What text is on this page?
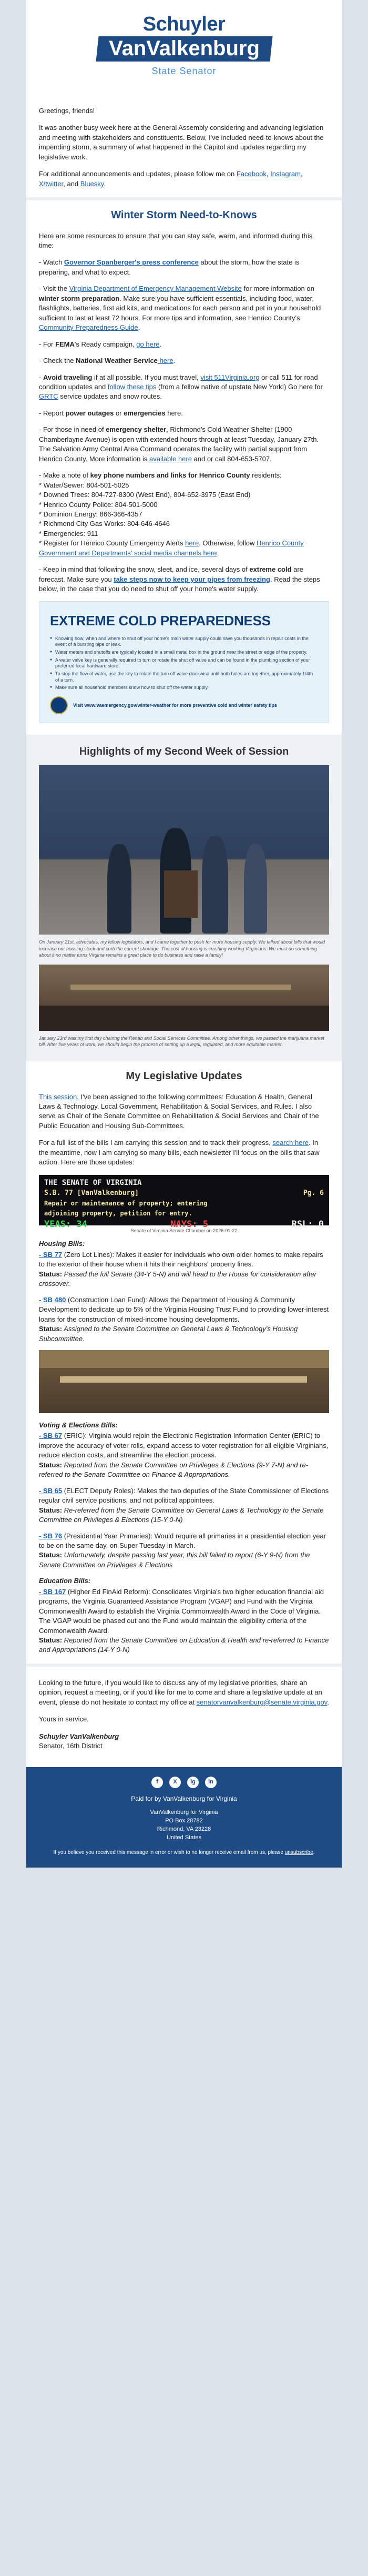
Schuyler
VanValkenburg
State Senator

Greetings, friends!

It was another busy week here at the General Assembly considering and advancing legislation and meeting with stakeholders and constituents. Below, I've included need-to-knows about the impending storm, a summary of what happened in the Capitol and updates regarding my legislative work.

For additional announcements and updates, please follow me on Facebook, Instagram, X/twitter, and Bluesky.

Winter Storm Need-to-Knows

Here are some resources to ensure that you can stay safe, warm, and informed during this time:

- Watch Governor Spanberger's press conference about the storm, how the state is preparing, and what to expect.

- Visit the Virginia Department of Emergency Management Website for more information on winter storm preparation. Make sure you have sufficient essentials, including food, water, flashlights, batteries, first aid kits, and medications for each person and pet in your household sufficient to last at least 72 hours. For more tips and information, see Henrico County's Community Preparedness Guide.

- For FEMA's Ready campaign, go here.

- Check the National Weather Service here.

- Avoid traveling if at all possible. If you must travel, visit 511Virginia.org or call 511 for road condition updates and follow these tips (from a fellow native of upstate New York!) Go here for GRTC service updates and snow routes.

- Report power outages or emergencies here.

- For those in need of emergency shelter, Richmond's Cold Weather Shelter (1900 Chamberlayne Avenue) is open with extended hours through at least Tuesday, January 27th. The Salvation Army Central Area Command operates the facility with partial support from Henrico County. More information is available here and or call 804-653-5707.

- Make a note of key phone numbers and links for Henrico County residents:
* Water/Sewer: 804-501-5025
* Downed Trees: 804-727-8300 (West End), 804-652-3975 (East End)
* Henrico County Police: 804-501-5000
* Dominion Energy: 866-366-4357
* Richmond City Gas Works: 804-646-4646
* Emergencies: 911
* Register for Henrico County Emergency Alerts here. Otherwise, follow Henrico County Government and Departments' social media channels here.

- Keep in mind that following the snow, sleet, and ice, several days of extreme cold are forecast. Make sure you take steps now to keep your pipes from freezing. Read the steps below, in the case that you do need to shut off your home's water supply.

EXTREME COLD PREPAREDNESS
● Knowing how, when and where to shut off your home's main water supply could save you thousands in repair costs in the event of a bursting pipe or leak.
● Water meters and shutoffs are typically located in a small metal box in the ground near the street or edge of the property.
● A water valve key is generally required to turn or rotate the shut off valve and can be found in the plumbing section of your preferred local hardware store.
● To stop the flow of water, use the key to rotate the turn off valve clockwise until both holes are together, approximately 1/4th of a turn.
● Make sure all household members know how to shut off the water supply.
Visit www.vaemergency.gov/winter-weather for more preventive cold and winter safety tips
Highlights of my Second Week of Session

On January 21st, advocates, my fellow legislators, and I came together to push for more housing supply. We talked about bills that would increase our housing stock and curb the current shortage. The cost of housing is crushing working Virginians. We must do something about it no matter turns Virginia remains a great place to do business and raise a family!

January 23rd was my first day chairing the Rehab and Social Services Committee. Among other things, we passed the marijuana market bill. After five years of work, we should begin the process of setting up a legal, regulated, and more equitable market.

My Legislative Updates

This session, I've been assigned to the following committees: Education & Health, General Laws & Technology, Local Government, Rehabilitation & Social Services, and Rules. I also serve as Chair of the Senate Committee on Rehabilitation & Social Services and Chair of the Public Education and Housing Sub-Committees.

For a full list of the bills I am carrying this session and to track their progress, search here. In the meantime, now I am carrying so many bills, each newsletter I'll focus on the bills that saw action. Here are those updates:

THE SENATE OF VIRGINIA
S.B. 77 [VanValkenburg]	Pg. 6
Repair or maintenance of property; entering
adjoining property, petition for entry.
YEAS: 34	NAYS: 5	RSL: 0

Senate of Virginia Senate Chamber on 2026-01-22

Housing Bills:

- SB 77 (Zero Lot Lines): Makes it easier for individuals who own older homes to make repairs to the exterior of their house when it hits their neighbors' property lines.
Status: Passed the full Senate (34-Y 5-N) and will head to the House for consideration after crossover.

- SB 480 (Construction Loan Fund): Allows the Department of Housing & Community Development to dedicate up to 5% of the Virginia Housing Trust Fund to providing lower-interest loans for the construction of mixed-income housing developments.
Status: Assigned to the Senate Committee on General Laws & Technology's Housing Subcommittee.

Voting & Elections Bills:

- SB 67 (ERIC): Virginia would rejoin the Electronic Registration Information Center (ERIC) to improve the accuracy of voter rolls, expand access to voter registration for all eligible Virginians, reduce election costs, and streamline the election process.
Status: Reported from the Senate Committee on Privileges & Elections (9-Y 7-N) and re-referred to the Senate Committee on Finance & Appropriations.

- SB 65 (ELECT Deputy Roles): Makes the two deputies of the State Commissioner of Elections regular civil service positions, and not political appointees.
Status: Re-referred from the Senate Committee on General Laws & Technology to the Senate Committee on Privileges & Elections (15-Y 0-N)

- SB 76 (Presidential Year Primaries): Would require all primaries in a presidential election year to be on the same day, on Super Tuesday in March.
Status: Unfortunately, despite passing last year, this bill failed to report (6-Y 9-N) from the Senate Committee on Privileges & Elections

Education Bills:

- SB 167 (Higher Ed FinAid Reform): Consolidates Virginia's two higher education financial aid programs, the Virginia Guaranteed Assistance Program (VGAP) and Fund with the Virginia Commonwealth Award to establish the Virginia Commonwealth Award in the Code of Virginia. The VGAP would be phased out and the Fund would maintain the eligibility criteria of the Commonwealth Award.
Status: Reported from the Senate Committee on Education & Health and re-referred to Finance and Appropriations (14-Y 0-N)

Looking to the future, if you would like to discuss any of my legislative priorities, share an opinion, request a meeting, or if you'd like for me to come and share a legislative update at an event, please do not hesitate to contact my office at senatorvanvalkenburg@senate.virginia.gov.

Yours in service,

Schuyler VanValkenburg

Senator, 16th District

f	X	ig	in
Paid for by VanValkenburg for Virginia
VanValkenburg for Virginia
PO Box 28782
Richmond, VA 23228
United States
If you believe you received this message in error or wish to no longer receive email from us, please unsubscribe.
